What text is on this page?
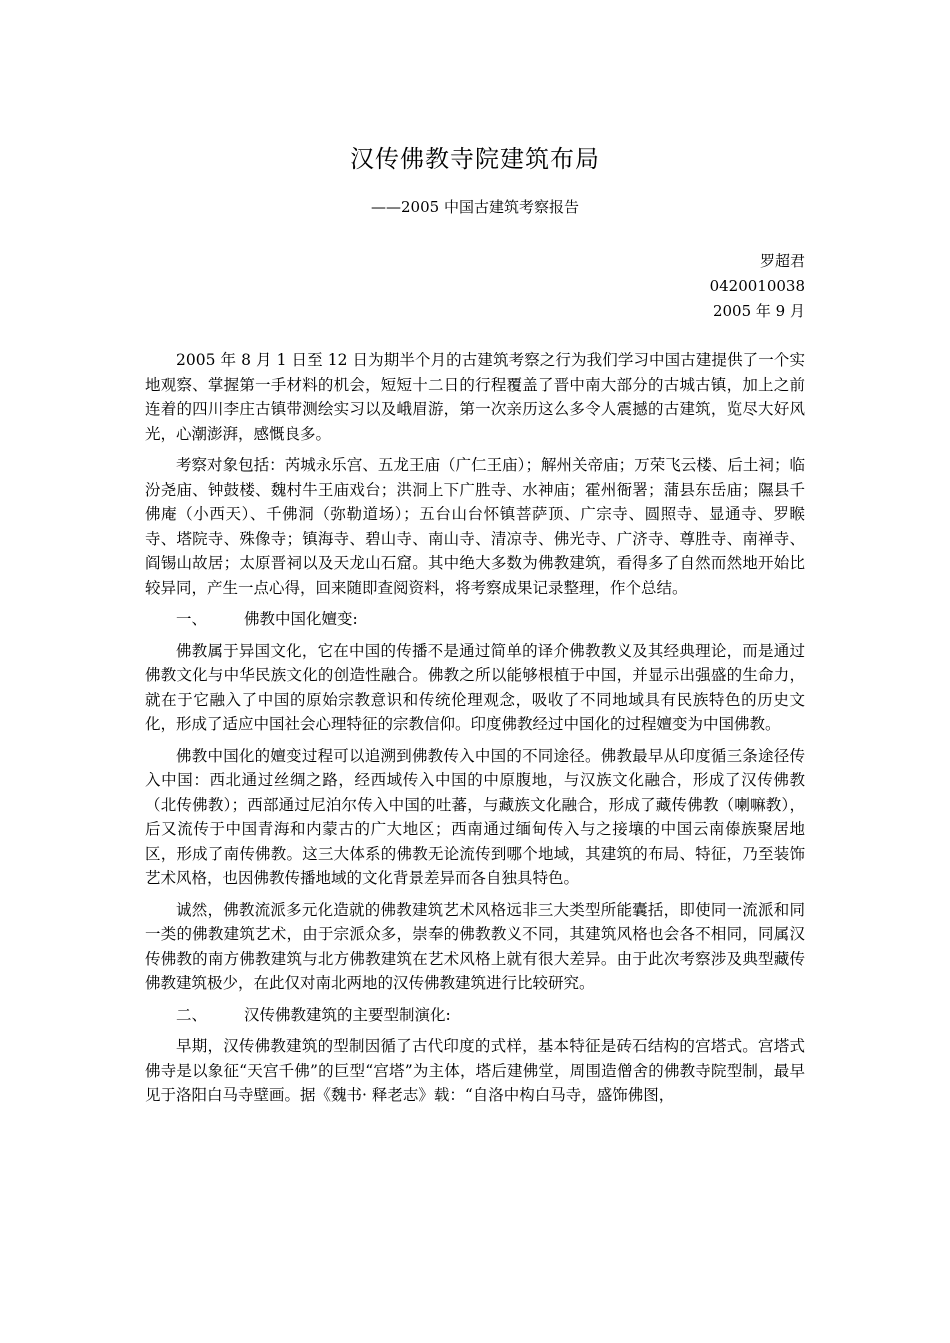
汉传佛教寺院建筑布局
——2005 中国古建筑考察报告
罗超君
0420010038
2005 年 9 月

2005 年 8 月 1 日至 12 日为期半个月的古建筑考察之行为我们学习中国古建提供了一个实地观察、掌握第一手材料的机会，短短十二日的行程覆盖了晋中南大部分的古城古镇，加上之前连着的四川李庄古镇带测绘实习以及峨眉游，第一次亲历这么多令人震撼的古建筑，览尽大好风光，心潮澎湃，感慨良多。

考察对象包括：芮城永乐宫、五龙王庙（广仁王庙）；解州关帝庙；万荣飞云楼、后土祠；临汾尧庙、钟鼓楼、魏村牛王庙戏台；洪洞上下广胜寺、水神庙；霍州衙署；蒲县东岳庙；隰县千佛庵（小西天）、千佛洞（弥勒道场）；五台山台怀镇菩萨顶、广宗寺、圆照寺、显通寺、罗睺寺、塔院寺、殊像寺；镇海寺、碧山寺、南山寺、清凉寺、佛光寺、广济寺、尊胜寺、南禅寺、阎锡山故居；太原晋祠以及天龙山石窟。其中绝大多数为佛教建筑，看得多了自然而然地开始比较异同，产生一点心得，回来随即查阅资料，将考察成果记录整理，作个总结。

一、 佛教中国化嬗变:

佛教属于异国文化，它在中国的传播不是通过简单的译介佛教教义及其经典理论，而是通过佛教文化与中华民族文化的创造性融合。佛教之所以能够根植于中国，并显示出强盛的生命力，就在于它融入了中国的原始宗教意识和传统伦理观念，吸收了不同地域具有民族特色的历史文化，形成了适应中国社会心理特征的宗教信仰。印度佛教经过中国化的过程嬗变为中国佛教。

佛教中国化的嬗变过程可以追溯到佛教传入中国的不同途径。佛教最早从印度循三条途径传入中国：西北通过丝绸之路，经西域传入中国的中原腹地，与汉族文化融合，形成了汉传佛教（北传佛教）；西部通过尼泊尔传入中国的吐蕃，与藏族文化融合，形成了藏传佛教（喇嘛教），后又流传于中国青海和内蒙古的广大地区；西南通过缅甸传入与之接壤的中国云南傣族聚居地区，形成了南传佛教。这三大体系的佛教无论流传到哪个地域，其建筑的布局、特征，乃至装饰艺术风格，也因佛教传播地域的文化背景差异而各自独具特色。

诚然，佛教流派多元化造就的佛教建筑艺术风格远非三大类型所能囊括，即使同一流派和同一类的佛教建筑艺术，由于宗派众多，崇奉的佛教教义不同，其建筑风格也会各不相同，同属汉传佛教的南方佛教建筑与北方佛教建筑在艺术风格上就有很大差异。由于此次考察涉及典型藏传佛教建筑极少，在此仅对南北两地的汉传佛教建筑进行比较研究。

二、 汉传佛教建筑的主要型制演化:

早期，汉传佛教建筑的型制因循了古代印度的式样，基本特征是砖石结构的宫塔式。宫塔式佛寺是以象征“天宫千佛”的巨型“宫塔”为主体，塔后建佛堂，周围造僧舍的佛教寺院型制，最早见于洛阳白马寺壁画。据《魏书· 释老志》载：“自洛中构白马寺，盛饰佛图，
